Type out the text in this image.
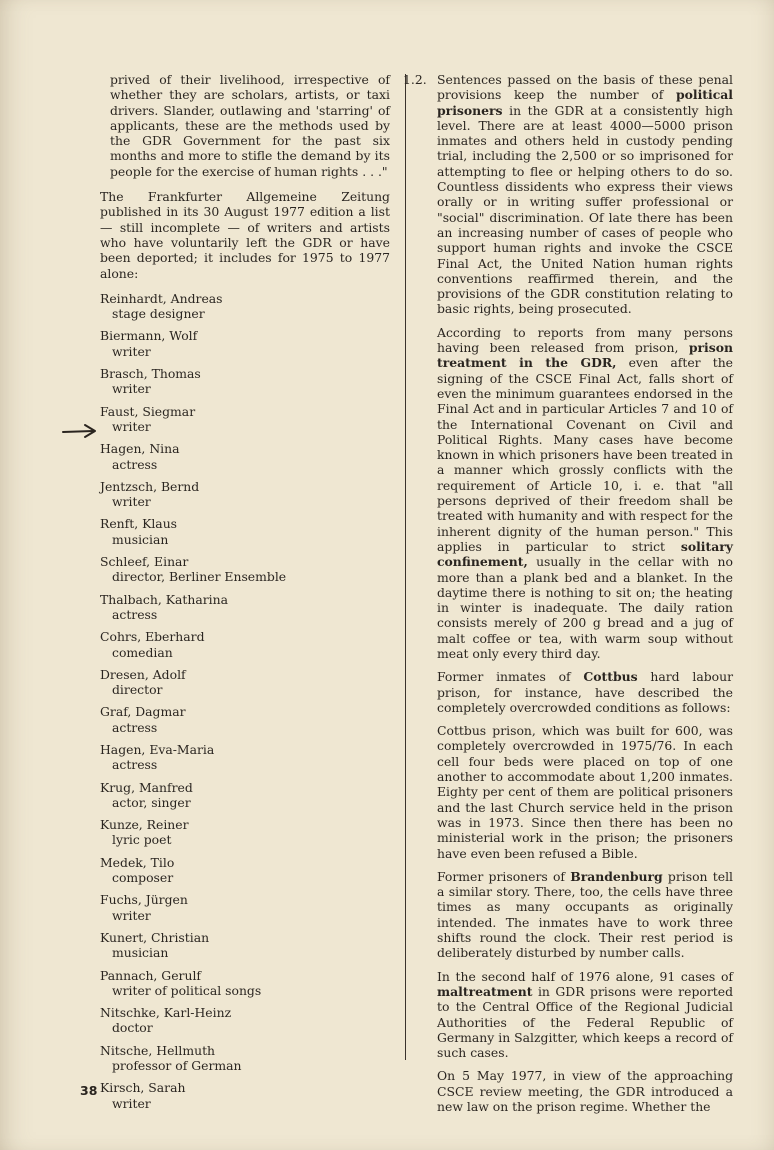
prived of their livelihood, irrespective of whether they are scholars, artists, or taxi drivers. Slander, outlawing and 'starring' of applicants, these are the methods used by the GDR Government for the past six months and more to stifle the demand by its people for the exercise of human rights . . ."

The Frankfurter Allgemeine Zeitung published in its 30 August 1977 edition a list — still incomplete — of writers and artists who have voluntarily left the GDR or have been deported; it includes for 1975 to 1977 alone:

Reinhardt, Andreas
stage designer
Biermann, Wolf
writer
Brasch, Thomas
writer
Faust, Siegmar
writer
Hagen, Nina
actress
Jentzsch, Bernd
writer
Renft, Klaus
musician
Schleef, Einar
director, Berliner Ensemble
Thalbach, Katharina
actress
Cohrs, Eberhard
comedian
Dresen, Adolf
director
Graf, Dagmar
actress
Hagen, Eva-Maria
actress
Krug, Manfred
actor, singer
Kunze, Reiner
lyric poet
Medek, Tilo
composer
Fuchs, Jürgen
writer
Kunert, Christian
musician
Pannach, Gerulf
writer of political songs
Nitschke, Karl-Heinz
doctor
Nitsche, Hellmuth
professor of German
Kirsch, Sarah
writer
1.2. Sentences passed on the basis of these penal provisions keep the number of political prisoners in the GDR at a consistently high level. There are at least 4000—5000 prison inmates and others held in custody pending trial, including the 2,500 or so imprisoned for attempting to flee or helping others to do so. Countless dissidents who express their views orally or in writing suffer professional or "social" discrimination. Of late there has been an increasing number of cases of people who support human rights and invoke the CSCE Final Act, the United Nation human rights conventions reaffirmed therein, and the provisions of the GDR constitution relating to basic rights, being prosecuted.

According to reports from many persons having been released from prison, prison treatment in the GDR, even after the signing of the CSCE Final Act, falls short of even the minimum guarantees endorsed in the Final Act and in particular Articles 7 and 10 of the International Covenant on Civil and Political Rights. Many cases have become known in which prisoners have been treated in a manner which grossly conflicts with the requirement of Article 10, i. e. that "all persons deprived of their freedom shall be treated with humanity and with respect for the inherent dignity of the human person." This applies in particular to strict solitary confinement, usually in the cellar with no more than a plank bed and a blanket. In the daytime there is nothing to sit on; the heating in winter is inadequate. The daily ration consists merely of 200 g bread and a jug of malt coffee or tea, with warm soup without meat only every third day.

Former inmates of Cottbus hard labour prison, for instance, have described the completely overcrowded conditions as follows:

Cottbus prison, which was built for 600, was completely overcrowded in 1975/76. In each cell four beds were placed on top of one another to accommodate about 1,200 inmates. Eighty per cent of them are political prisoners and the last Church service held in the prison was in 1973. Since then there has been no ministerial work in the prison; the prisoners have even been refused a Bible.

Former prisoners of Brandenburg prison tell a similar story. There, too, the cells have three times as many occupants as originally intended. The inmates have to work three shifts round the clock. Their rest period is deliberately disturbed by number calls.

In the second half of 1976 alone, 91 cases of maltreatment in GDR prisons were reported to the Central Office of the Regional Judicial Authorities of the Federal Republic of Germany in Salzgitter, which keeps a record of such cases.

On 5 May 1977, in view of the approaching CSCE review meeting, the GDR introduced a new law on the prison regime. Whether the

38
